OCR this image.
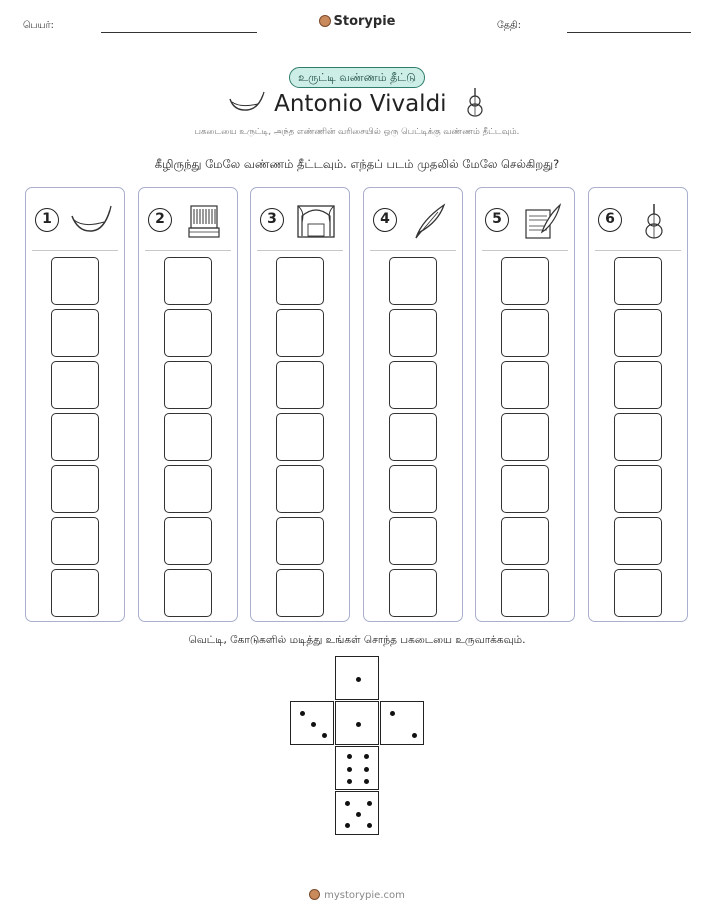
பெயர்:	Storypie	தேதி:
உருட்டி வண்ணம் தீட்டு
Antonio Vivaldi
பகடையை உருட்டி, அந்த எண்ணின் வரிசையில் ஒரு பெட்டிக்கு வண்ணம் தீட்டவும்.
கீழிருந்து மேலே வண்ணம் தீட்டவும். எந்தப் படம் முதலில் மேலே செல்கிறது?
1	2	3	4	5	6
வெட்டி, கோடுகளில் மடித்து உங்கள் சொந்த பகடையை உருவாக்கவும்.
mystorypie.com
